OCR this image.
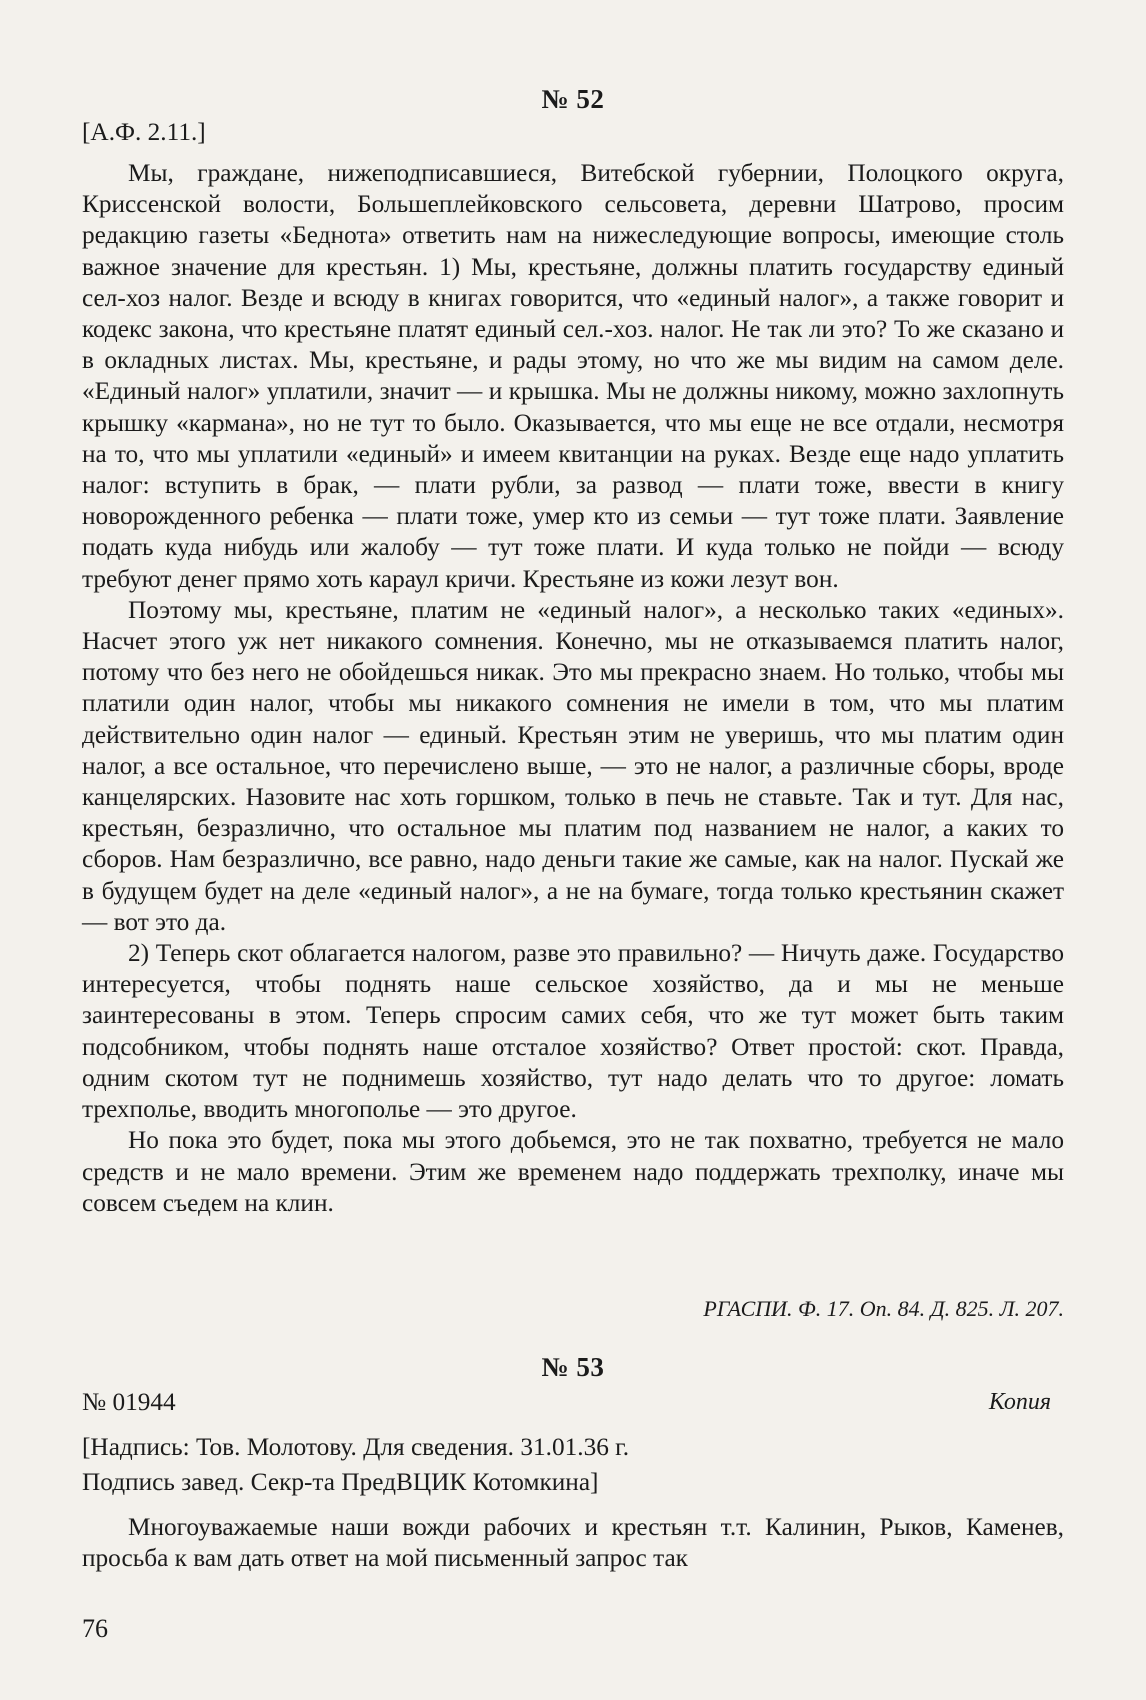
№ 52

[А.Ф. 2.11.]

Мы, граждане, нижеподписавшиеся, Витебской губернии, Полоцкого округа, Криссенской волости, Большеплейковского сельсовета, деревни Шатрово, просим редакцию газеты «Беднота» ответить нам на нижеследующие вопросы, имеющие столь важное значение для крестьян. 1) Мы, крестьяне, должны платить государству единый сел-хоз налог. Везде и всюду в книгах говорится, что «единый налог», а также говорит и кодекс закона, что крестьяне платят единый сел.-хоз. налог. Не так ли это? То же сказано и в окладных листах. Мы, крестьяне, и рады этому, но что же мы видим на самом деле. «Единый налог» уплатили, значит — и крышка. Мы не должны никому, можно захлопнуть крышку «кармана», но не тут то было. Оказывается, что мы еще не все отдали, несмотря на то, что мы уплатили «единый» и имеем квитанции на руках. Везде еще надо уплатить налог: вступить в брак, — плати рубли, за развод — плати тоже, ввести в книгу новорожденного ребенка — плати тоже, умер кто из семьи — тут тоже плати. Заявление подать куда нибудь или жалобу — тут тоже плати. И куда только не пойди — всюду требуют денег прямо хоть караул кричи. Крестьяне из кожи лезут вон.

Поэтому мы, крестьяне, платим не «единый налог», а несколько таких «единых». Насчет этого уж нет никакого сомнения. Конечно, мы не отказываемся платить налог, потому что без него не обойдешься никак. Это мы прекрасно знаем. Но только, чтобы мы платили один налог, чтобы мы никакого сомнения не имели в том, что мы платим действительно один налог — единый. Крестьян этим не уверишь, что мы платим один налог, а все остальное, что перечислено выше, — это не налог, а различные сборы, вроде канцелярских. Назовите нас хоть горшком, только в печь не ставьте. Так и тут. Для нас, крестьян, безразлично, что остальное мы платим под названием не налог, а каких то сборов. Нам безразлично, все равно, надо деньги такие же самые, как на налог. Пускай же в будущем будет на деле «единый налог», а не на бумаге, тогда только крестьянин скажет — вот это да.

2) Теперь скот облагается налогом, разве это правильно? — Ничуть даже. Государство интересуется, чтобы поднять наше сельское хозяйство, да и мы не меньше заинтересованы в этом. Теперь спросим самих себя, что же тут может быть таким подсобником, чтобы поднять наше отсталое хозяйство? Ответ простой: скот. Правда, одним скотом тут не поднимешь хозяйство, тут надо делать что то другое: ломать трехполье, вводить многополье — это другое.

Но пока это будет, пока мы этого добьемся, это не так похватно, требуется не мало средств и не мало времени. Этим же временем надо поддержать трехполку, иначе мы совсем съедем на клин.

РГАСПИ. Ф. 17. Оп. 84. Д. 825. Л. 207.
№ 53

№ 01944	Копия

[Надпись: Тов. Молотову. Для сведения. 31.01.36 г.

Подпись завед. Секр-та ПредВЦИК Котомкина]

Многоуважаемые наши вожди рабочих и крестьян т.т. Калинин, Рыков, Каменев, просьба к вам дать ответ на мой письменный запрос так

76
